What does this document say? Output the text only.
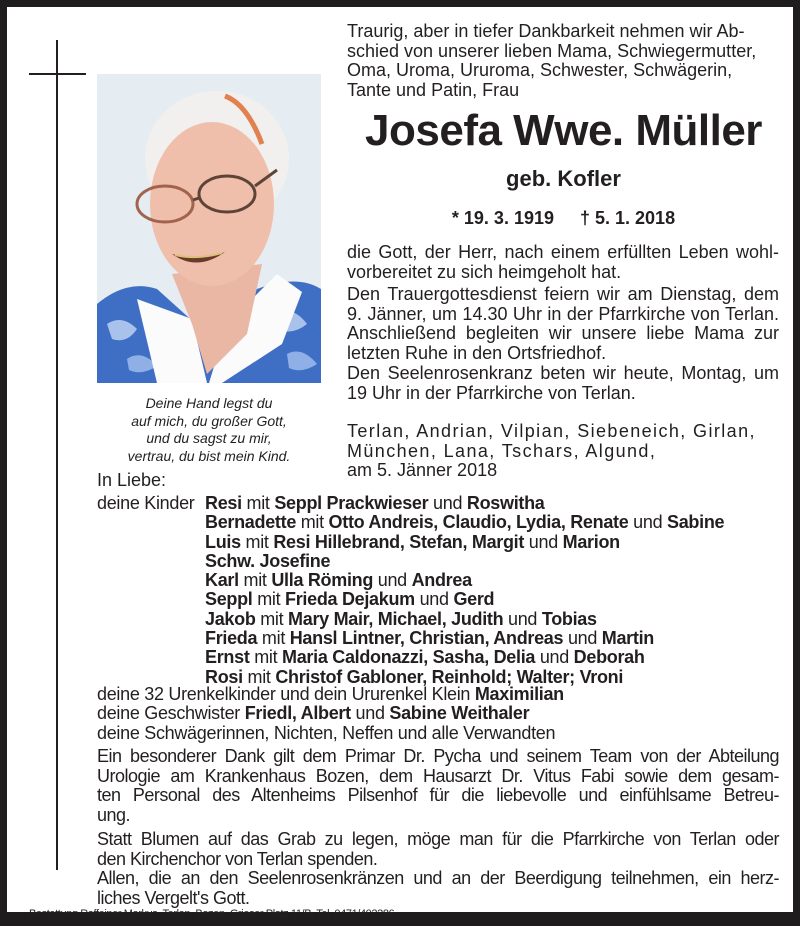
Traurig, aber in tiefer Dankbarkeit nehmen wir Ab-
schied von unserer lieben Mama, Schwiegermutter,
Oma, Uroma, Ururoma, Schwester, Schwägerin,
Tante und Patin, Frau
Josefa Wwe. Müller
geb. Kofler
* 19. 3. 1919 † 5. 1. 2018
die Gott, der Herr, nach einem erfüllten Leben wohl-
vorbereitet zu sich heimgeholt hat.
Den Trauergottesdienst feiern wir am Dienstag, dem
9. Jänner, um 14.30 Uhr in der Pfarrkirche von Terlan.
Anschließend begleiten wir unsere liebe Mama zur
letzten Ruhe in den Ortsfriedhof.
Den Seelenrosenkranz beten wir heute, Montag, um
19 Uhr in der Pfarrkirche von Terlan.
Terlan, Andrian, Vilpian, Siebeneich, Girlan,
München, Lana, Tschars, Algund,
am 5. Jänner 2018
Deine Hand legst du
auf mich, du großer Gott,
und du sagst zu mir,
vertrau, du bist mein Kind.
In Liebe:
deine Kinder Resi mit Seppl Prackwieser und Roswitha
Bernadette mit Otto Andreis, Claudio, Lydia, Renate und Sabine
Luis mit Resi Hillebrand, Stefan, Margit und Marion
Schw. Josefine
Karl mit Ulla Röming und Andrea
Seppl mit Frieda Dejakum und Gerd
Jakob mit Mary Mair, Michael, Judith und Tobias
Frieda mit Hansl Lintner, Christian, Andreas und Martin
Ernst mit Maria Caldonazzi, Sasha, Delia und Deborah
Rosi mit Christof Gabloner, Reinhold; Walter; Vroni
deine 32 Urenkelkinder und dein Ururenkel Klein Maximilian
deine Geschwister Friedl, Albert und Sabine Weithaler
deine Schwägerinnen, Nichten, Neffen und alle Verwandten
Ein besonderer Dank gilt dem Primar Dr. Pycha und seinem Team von der Abteilung
Urologie am Krankenhaus Bozen, dem Hausarzt Dr. Vitus Fabi sowie dem gesam-
ten Personal des Altenheims Pilsenhof für die liebevolle und einfühlsame Betreu-
ung.
Statt Blumen auf das Grab zu legen, möge man für die Pfarrkirche von Terlan oder
den Kirchenchor von Terlan spenden.
Allen, die an den Seelenrosenkränzen und an der Beerdigung teilnehmen, ein herz-
liches Vergelt's Gott.
Bestattung Raffeiner Markus, Terlan, Bozen, Grieser Platz 11/B, Tel. 0471/402286
